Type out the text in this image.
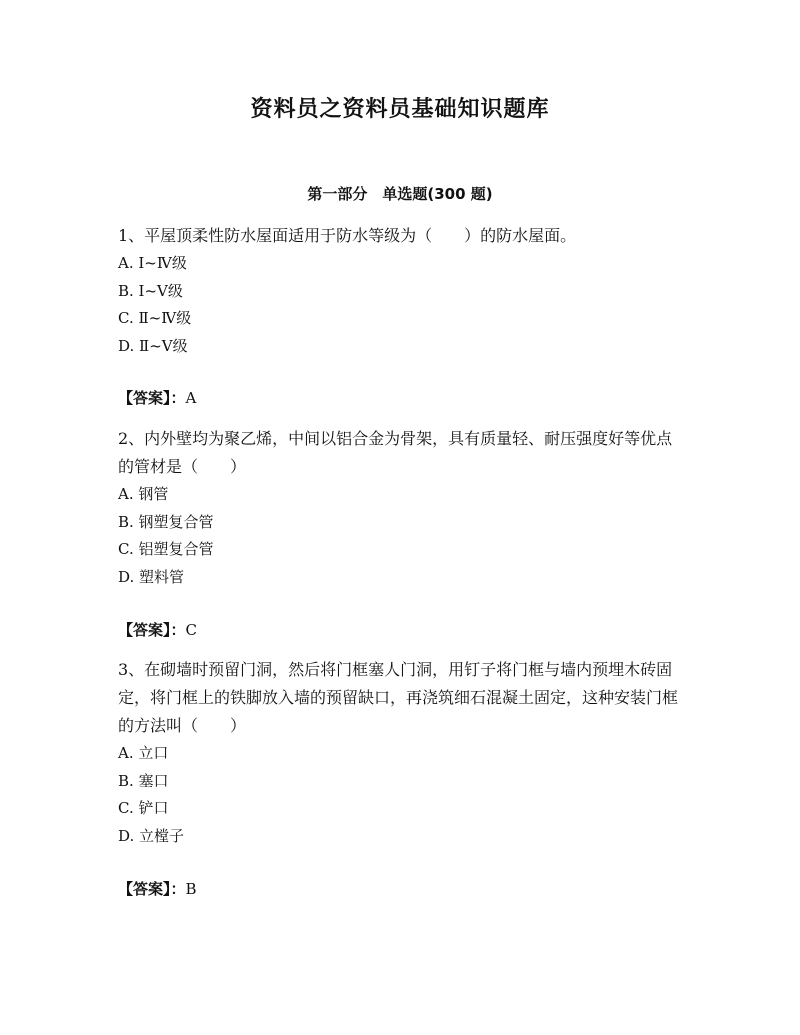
资料员之资料员基础知识题库
第一部分　单选题(300 题)

1、平屋顶柔性防水屋面适用于防水等级为（　　）的防水屋面。

A. Ⅰ~Ⅳ级

B. Ⅰ~Ⅴ级

C. Ⅱ~Ⅳ级

D. Ⅱ~Ⅴ级

【答案】：A

2、内外壁均为聚乙烯，中间以铝合金为骨架，具有质量轻、耐压强度好等优点的管材是（　　）

A. 钢管

B. 钢塑复合管

C. 铝塑复合管

D. 塑料管

【答案】：C

3、在砌墙时预留门洞，然后将门框塞人门洞，用钉子将门框与墙内预埋木砖固定，将门框上的铁脚放入墙的预留缺口，再浇筑细石混凝土固定，这种安装门框的方法叫（　　）

A. 立口

B. 塞口

C. 铲口

D. 立樘子

【答案】：B
